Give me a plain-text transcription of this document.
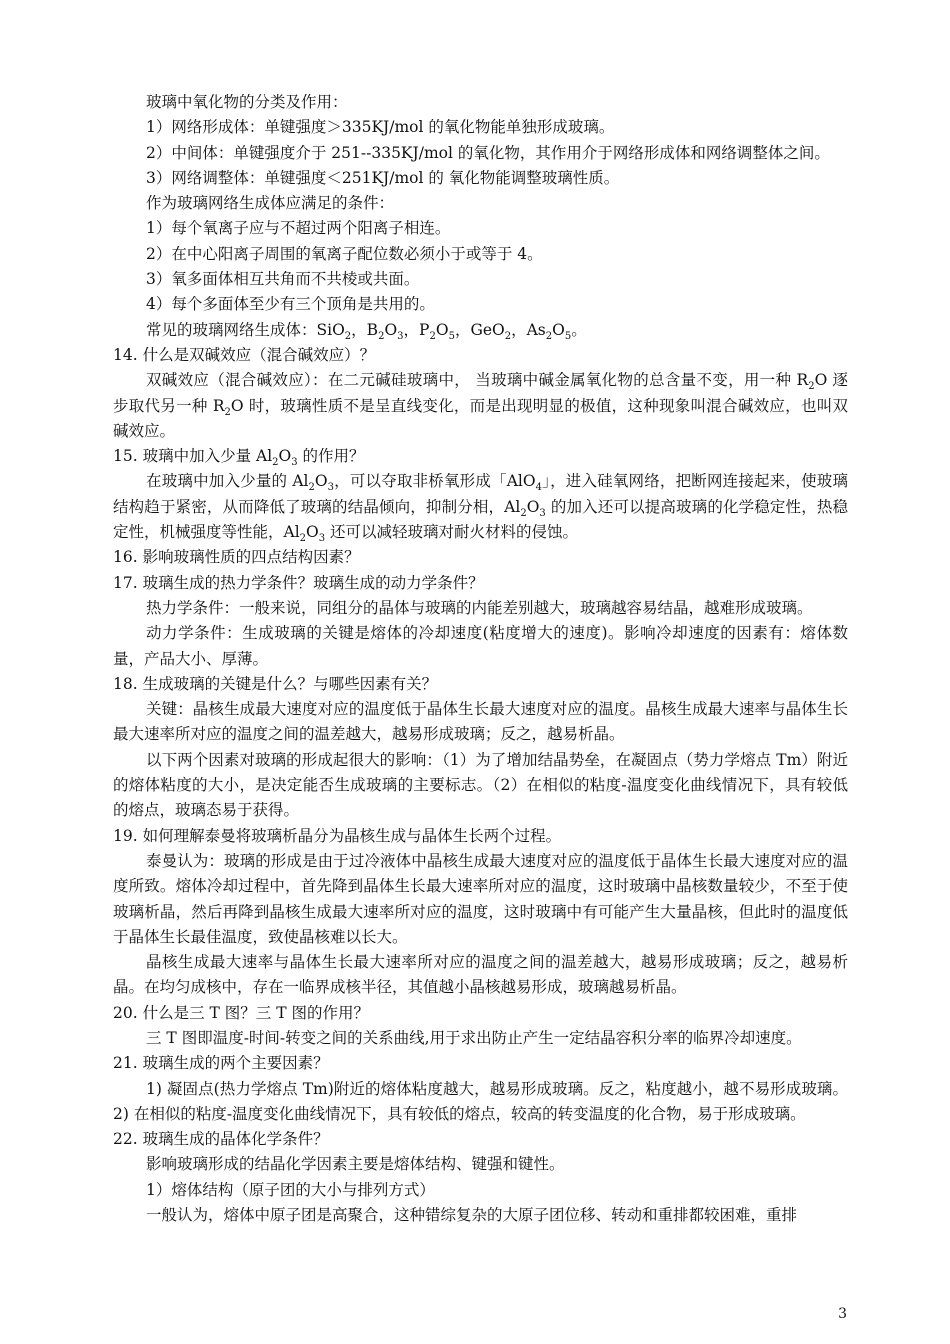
玻璃中氧化物的分类及作用：
1）网络形成体：单键强度＞335KJ/mol 的氧化物能单独形成玻璃。
2）中间体：单键强度介于 251--335KJ/mol 的氧化物，其作用介于网络形成体和网络调整体之间。
3）网络调整体：单键强度＜251KJ/mol 的 氧化物能调整玻璃性质。
作为玻璃网络生成体应满足的条件：
1）每个氧离子应与不超过两个阳离子相连。
2）在中心阳离子周围的氧离子配位数必须小于或等于 4。
3）氧多面体相互共角而不共棱或共面。
4）每个多面体至少有三个顶角是共用的。
常见的玻璃网络生成体：SiO$_2$，$B_2O_3$，$P_2O_5$，GeO$_2$，$As_2O_5$。
14. 什么是双碱效应（混合碱效应）？

双碱效应（混合碱效应）：在二元碱硅玻璃中， 当玻璃中碱金属氧化物的总含量不变，用一种 $R_2O$ 逐步取代另一种 $R_2O$ 时，玻璃性质不是呈直线变化，而是出现明显的极值，这种现象叫混合碱效应，也叫双碱效应。

15. 玻璃中加入少量 $Al_2O_3$ 的作用？

在玻璃中加入少量的 $Al_2O_3$，可以夺取非桥氧形成「AlO$_4$」，进入硅氧网络，把断网连接起来，使玻璃结构趋于紧密，从而降低了玻璃的结晶倾向，抑制分相，$Al_2O_3$ 的加入还可以提高玻璃的化学稳定性，热稳定性，机械强度等性能，$Al_2O_3$ 还可以减轻玻璃对耐火材料的侵蚀。

16. 影响玻璃性质的四点结构因素？
17. 玻璃生成的热力学条件？玻璃生成的动力学条件？

热力学条件：一般来说，同组分的晶体与玻璃的内能差别越大，玻璃越容易结晶，越难形成玻璃。

动力学条件：生成玻璃的关键是熔体的冷却速度(粘度增大的速度)。影响冷却速度的因素有：熔体数量，产品大小、厚薄。

18. 生成玻璃的关键是什么？与哪些因素有关？

关键：晶核生成最大速度对应的温度低于晶体生长最大速度对应的温度。晶核生成最大速率与晶体生长最大速率所对应的温度之间的温差越大，越易形成玻璃；反之，越易析晶。

以下两个因素对玻璃的形成起很大的影响：（1）为了增加结晶势垒，在凝固点（势力学熔点 Tm）附近的熔体粘度的大小，是决定能否生成玻璃的主要标志。（2）在相似的粘度-温度变化曲线情况下，具有较低的熔点，玻璃态易于获得。

19. 如何理解泰曼将玻璃析晶分为晶核生成与晶体生长两个过程。

泰曼认为：玻璃的形成是由于过冷液体中晶核生成最大速度对应的温度低于晶体生长最大速度对应的温度所致。熔体冷却过程中，首先降到晶体生长最大速率所对应的温度，这时玻璃中晶核数量较少，不至于使玻璃析晶，然后再降到晶核生成最大速率所对应的温度，这时玻璃中有可能产生大量晶核，但此时的温度低于晶体生长最佳温度，致使晶核难以长大。

晶核生成最大速率与晶体生长最大速率所对应的温度之间的温差越大，越易形成玻璃；反之，越易析晶。在均匀成核中，存在一临界成核半径，其值越小晶核越易形成，玻璃越易析晶。

20. 什么是三 T 图？三 T 图的作用？

三 T 图即温度-时间-转变之间的关系曲线,用于求出防止产生一定结晶容积分率的临界冷却速度。

21. 玻璃生成的两个主要因素？

1) 凝固点(热力学熔点 Tm)附近的熔体粘度越大，越易形成玻璃。反之，粘度越小，越不易形成玻璃。2) 在相似的粘度-温度变化曲线情况下，具有较低的熔点，较高的转变温度的化合物，易于形成玻璃。

22. 玻璃生成的晶体化学条件？

影响玻璃形成的结晶化学因素主要是熔体结构、键强和键性。

1）熔体结构（原子团的大小与排列方式）

一般认为，熔体中原子团是高聚合，这种错综复杂的大原子团位移、转动和重排都较困难，重排

3
